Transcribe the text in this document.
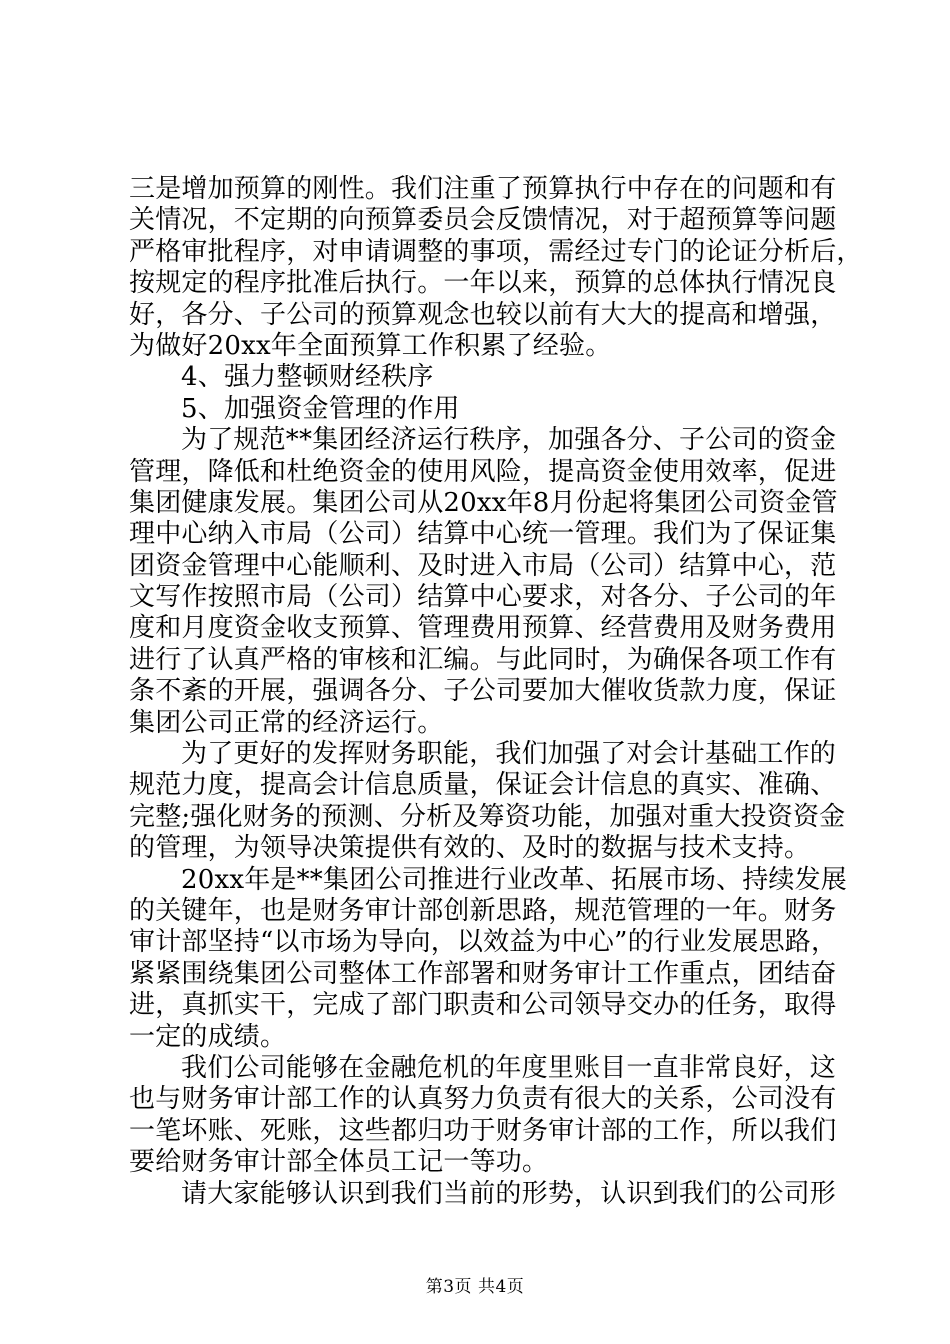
三是增加预算的刚性。我们注重了预算执行中存在的问题和有
关情况，不定期的向预算委员会反馈情况，对于超预算等问题
严格审批程序，对申请调整的事项，需经过专门的论证分析后，
按规定的程序批准后执行。一年以来，预算的总体执行情况良
好，各分、子公司的预算观念也较以前有大大的提高和增强，
为做好20xx年全面预算工作积累了经验。
4、强力整顿财经秩序
5、加强资金管理的作用
为了规范**集团经济运行秩序，加强各分、子公司的资金
管理，降低和杜绝资金的使用风险，提高资金使用效率，促进
集团健康发展。集团公司从20xx年8月份起将集团公司资金管
理中心纳入市局（公司）结算中心统一管理。我们为了保证集
团资金管理中心能顺利、及时进入市局（公司）结算中心，范
文写作按照市局（公司）结算中心要求，对各分、子公司的年
度和月度资金收支预算、管理费用预算、经营费用及财务费用
进行了认真严格的审核和汇编。与此同时，为确保各项工作有
条不紊的开展，强调各分、子公司要加大催收货款力度，保证
集团公司正常的经济运行。
为了更好的发挥财务职能，我们加强了对会计基础工作的
规范力度，提高会计信息质量，保证会计信息的真实、准确、
完整;强化财务的预测、分析及筹资功能，加强对重大投资资金
的管理，为领导决策提供有效的、及时的数据与技术支持。
20xx年是**集团公司推进行业改革、拓展市场、持续发展
的关键年，也是财务审计部创新思路，规范管理的一年。财务
审计部坚持“以市场为导向，以效益为中心”的行业发展思路，
紧紧围绕集团公司整体工作部署和财务审计工作重点，团结奋
进，真抓实干，完成了部门职责和公司领导交办的任务，取得
一定的成绩。
我们公司能够在金融危机的年度里账目一直非常良好，这
也与财务审计部工作的认真努力负责有很大的关系，公司没有
一笔坏账、死账，这些都归功于财务审计部的工作，所以我们
要给财务审计部全体员工记一等功。
请大家能够认识到我们当前的形势，认识到我们的公司形
第3页 共4页
